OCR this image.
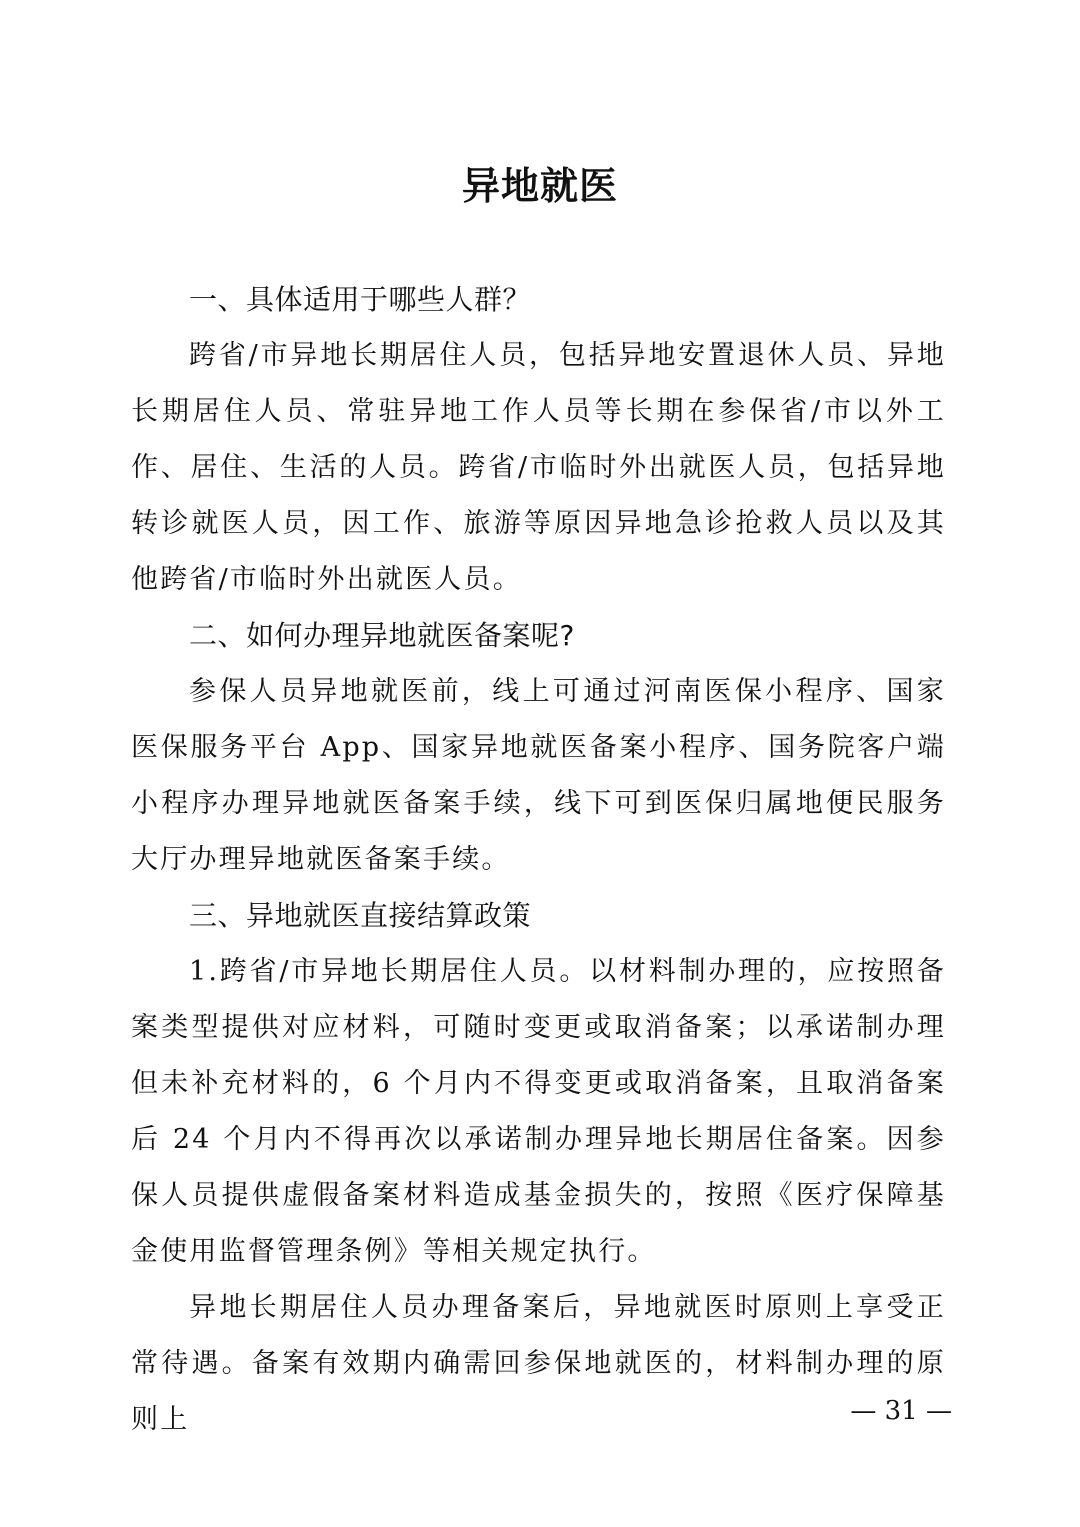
异地就医

一、具体适用于哪些人群？

跨省/市异地长期居住人员，包括异地安置退休人员、异地长期居住人员、常驻异地工作人员等长期在参保省/市以外工作、居住、生活的人员。跨省/市临时外出就医人员，包括异地转诊就医人员，因工作、旅游等原因异地急诊抢救人员以及其他跨省/市临时外出就医人员。

二、如何办理异地就医备案呢?

参保人员异地就医前，线上可通过河南医保小程序、国家医保服务平台 App、国家异地就医备案小程序、国务院客户端小程序办理异地就医备案手续，线下可到医保归属地便民服务大厅办理异地就医备案手续。

三、异地就医直接结算政策

1.跨省/市异地长期居住人员。以材料制办理的，应按照备案类型提供对应材料，可随时变更或取消备案；以承诺制办理但未补充材料的，6 个月内不得变更或取消备案，且取消备案后 24 个月内不得再次以承诺制办理异地长期居住备案。因参保人员提供虚假备案材料造成基金损失的，按照《医疗保障基金使用监督管理条例》等相关规定执行。

异地长期居住人员办理备案后，异地就医时原则上享受正常待遇。备案有效期内确需回参保地就医的，材料制办理的原则上	— 31 —
